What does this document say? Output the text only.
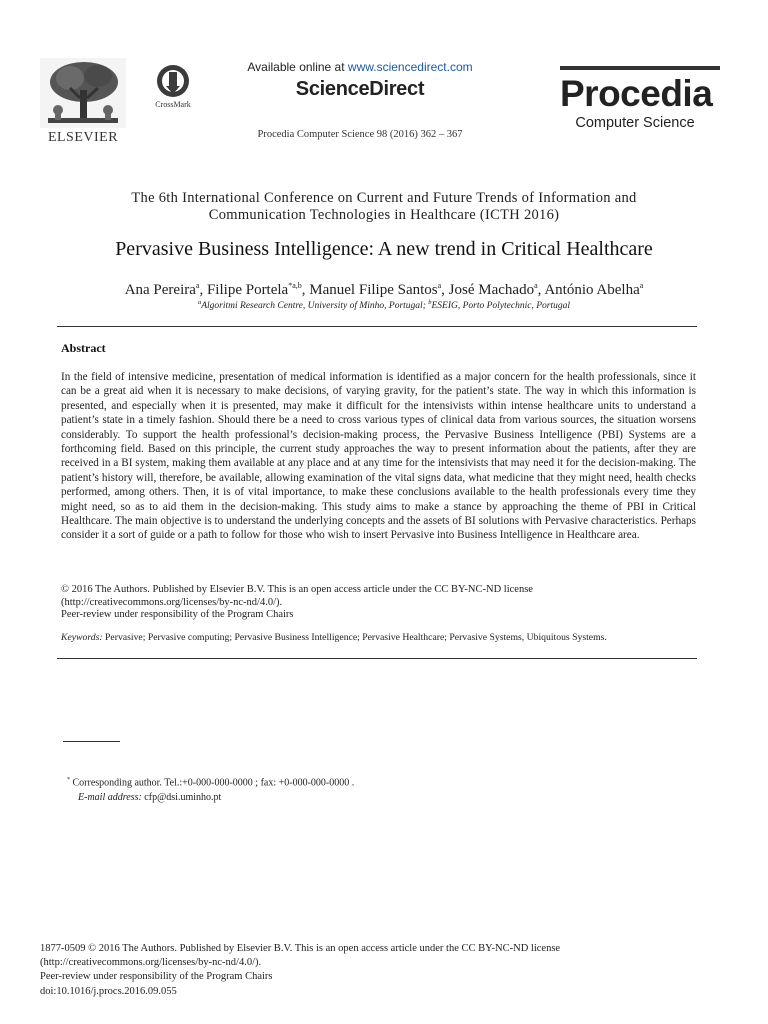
ELSEVIER
CrossMark
Available online at www.sciencedirect.com
ScienceDirect
Procedia Computer Science 98 (2016) 362 – 367
Procedia
Computer Science
The 6th International Conference on Current and Future Trends of Information and
Communication Technologies in Healthcare (ICTH 2016)
Pervasive Business Intelligence: A new trend in Critical Healthcare
Ana Pereira$^a$, Filipe Portela$^{*a,b}$, Manuel Filipe Santos$^a$, José Machado$^a$, António Abelha$^a$
$^a$Algoritmi Research Centre, University of Minho, Portugal; $^b$ESEIG, Porto Polytechnic, Portugal
Abstract
In the field of intensive medicine, presentation of medical information is identified as a major concern for the health professionals, since it can be a great aid when it is necessary to make decisions, of varying gravity, for the patient’s state. The way in which this information is presented, and especially when it is presented, may make it difficult for the intensivists within intense healthcare units to understand a patient’s state in a timely fashion. Should there be a need to cross various types of clinical data from various sources, the situation worsens considerably. To support the health professional’s decision-making process, the Pervasive Business Intelligence (PBI) Systems are a forthcoming field. Based on this principle, the current study approaches the way to present information about the patients, after they are received in a BI system, making them available at any place and at any time for the intensivists that may need it for the decision-making. The patient’s history will, therefore, be available, allowing examination of the vital signs data, what medicine that they might need, health checks performed, among others. Then, it is of vital importance, to make these conclusions available to the health professionals every time they might need, so as to aid them in the decision-making. This study aims to make a stance by approaching the theme of PBI in Critical Healthcare. The main objective is to understand the underlying concepts and the assets of BI solutions with Pervasive characteristics. Perhaps consider it a sort of guide or a path to follow for those who wish to insert Pervasive into Business Intelligence in Healthcare area.
© 2016 The Authors. Published by Elsevier B.V. This is an open access article under the CC BY-NC-ND license
(http://creativecommons.org/licenses/by-nc-nd/4.0/).
Peer-review under responsibility of the Program Chairs
Keywords: Pervasive; Pervasive computing; Pervasive Business Intelligence; Pervasive Healthcare; Pervasive Systems, Ubiquitous Systems.
* Corresponding author. Tel.:+0-000-000-0000 ; fax: +0-000-000-0000 .
E-mail address: cfp@dsi.uminho.pt
1877-0509 © 2016 The Authors. Published by Elsevier B.V. This is an open access article under the CC BY-NC-ND license
(http://creativecommons.org/licenses/by-nc-nd/4.0/).
Peer-review under responsibility of the Program Chairs
doi:10.1016/j.procs.2016.09.055
